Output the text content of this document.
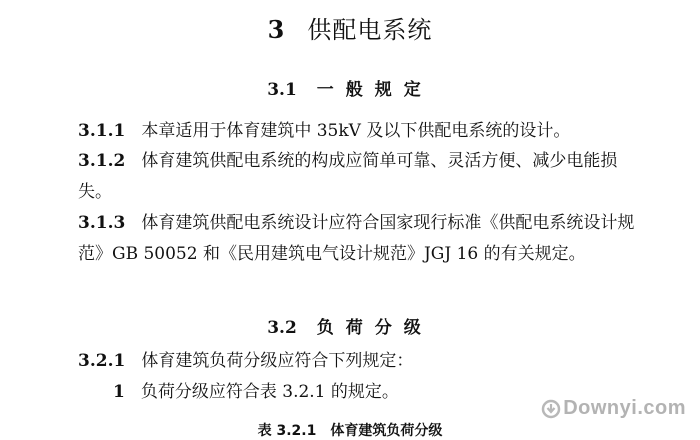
3 供配电系统
3.1 一般规定
3.1.1 本章适用于体育建筑中 35kV 及以下供配电系统的设计。
3.1.2 体育建筑供配电系统的构成应简单可靠、灵活方便、减少电能损失。
3.1.3 体育建筑供配电系统设计应符合国家现行标准《供配电系统设计规范》GB 50052 和《民用建筑电气设计规范》JGJ 16 的有关规定。
3.2 负荷分级
3.2.1 体育建筑负荷分级应符合下列规定：
1 负荷分级应符合表 3.2.1 的规定。
表 3.2.1 体育建筑负荷分级
Downyi.com
